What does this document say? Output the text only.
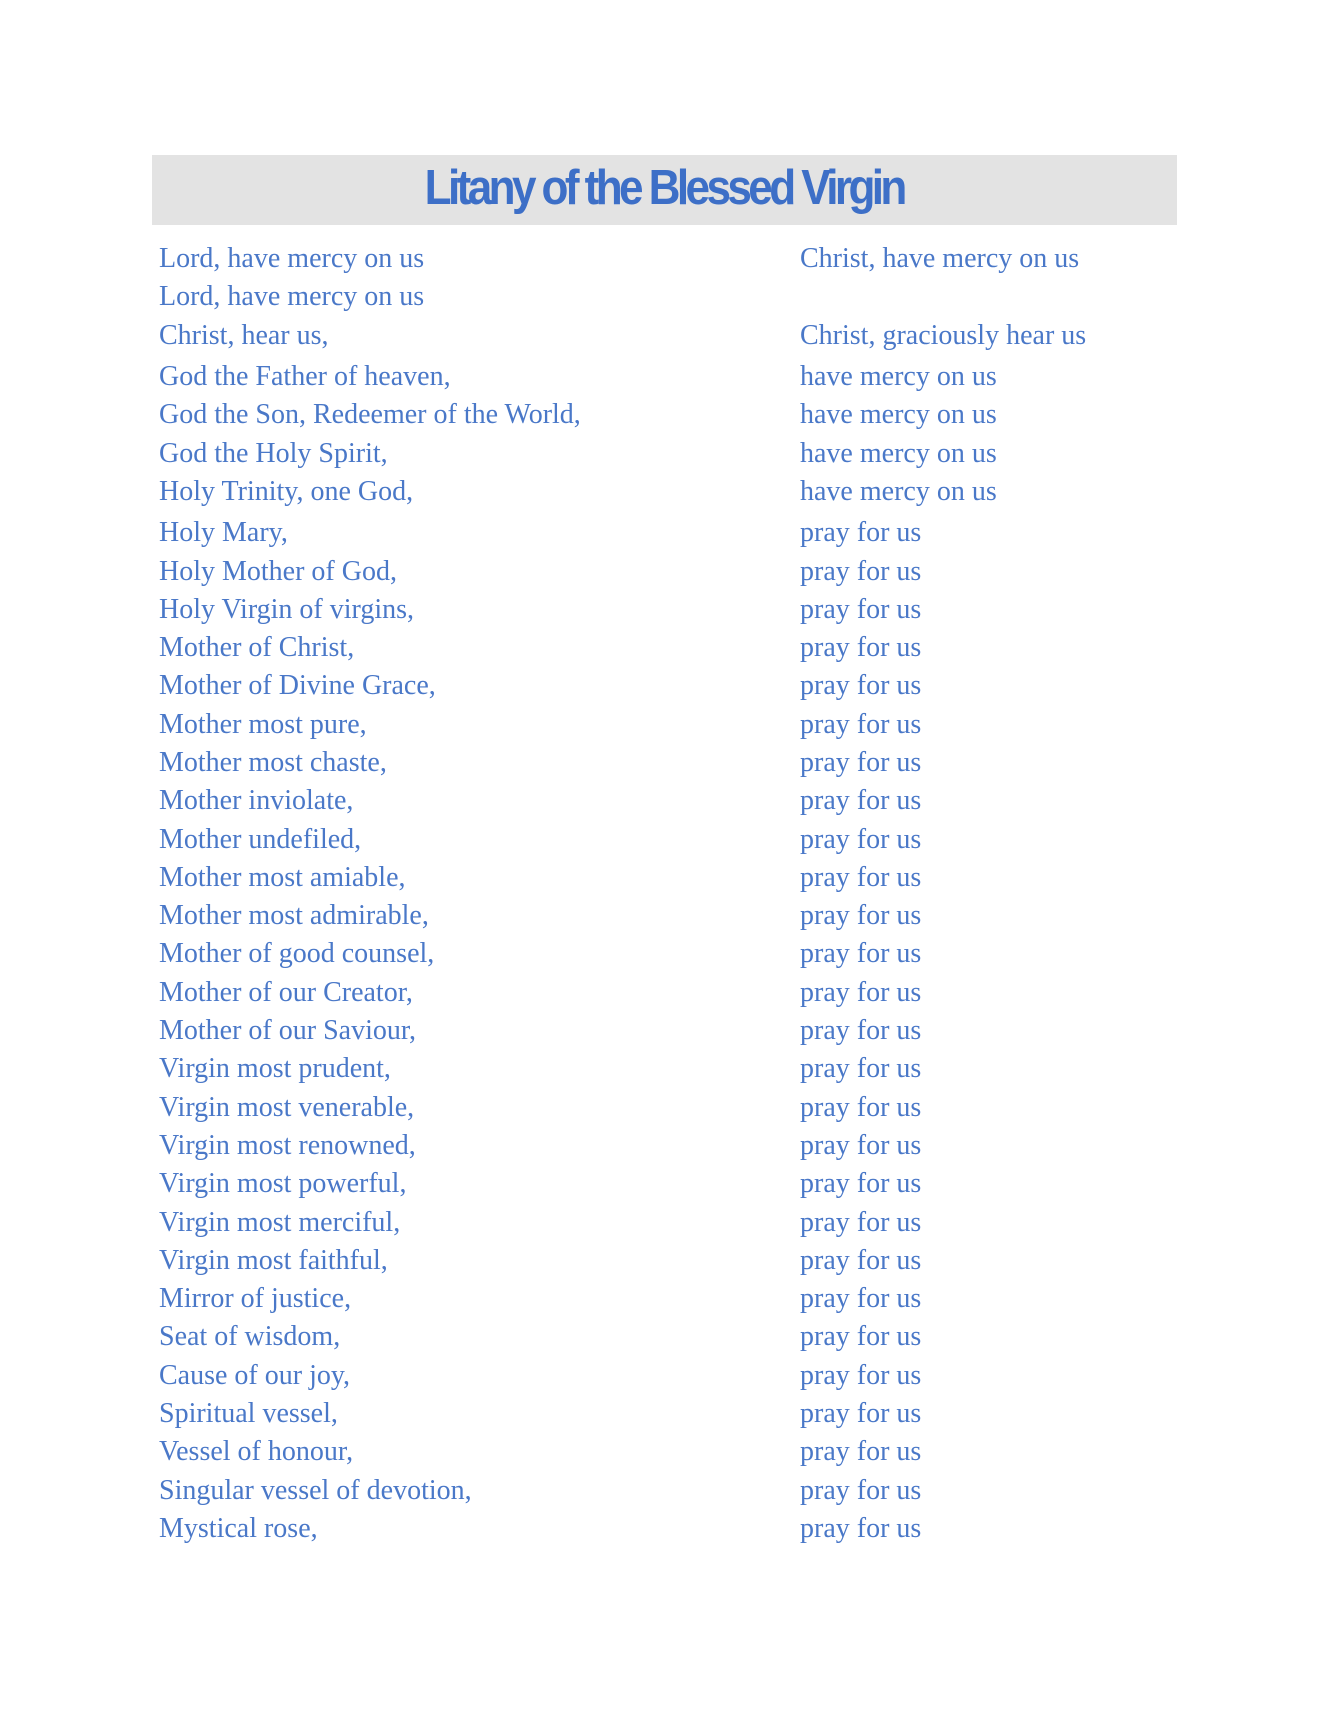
Litany of the Blessed Virgin
Lord, have mercy on us	Christ, have mercy on us
Lord, have mercy on us
Christ, hear us,	Christ, graciously hear us
God the Father of heaven,	have mercy on us
God the Son, Redeemer of the World,	have mercy on us
God the Holy Spirit,	have mercy on us
Holy Trinity, one God,	have mercy on us
Holy Mary,	pray for us
Holy Mother of God,	pray for us
Holy Virgin of virgins,	pray for us
Mother of Christ,	pray for us
Mother of Divine Grace,	pray for us
Mother most pure,	pray for us
Mother most chaste,	pray for us
Mother inviolate,	pray for us
Mother undefiled,	pray for us
Mother most amiable,	pray for us
Mother most admirable,	pray for us
Mother of good counsel,	pray for us
Mother of our Creator,	pray for us
Mother of our Saviour,	pray for us
Virgin most prudent,	pray for us
Virgin most venerable,	pray for us
Virgin most renowned,	pray for us
Virgin most powerful,	pray for us
Virgin most merciful,	pray for us
Virgin most faithful,	pray for us
Mirror of justice,	pray for us
Seat of wisdom,	pray for us
Cause of our joy,	pray for us
Spiritual vessel,	pray for us
Vessel of honour,	pray for us
Singular vessel of devotion,	pray for us
Mystical rose,	pray for us
